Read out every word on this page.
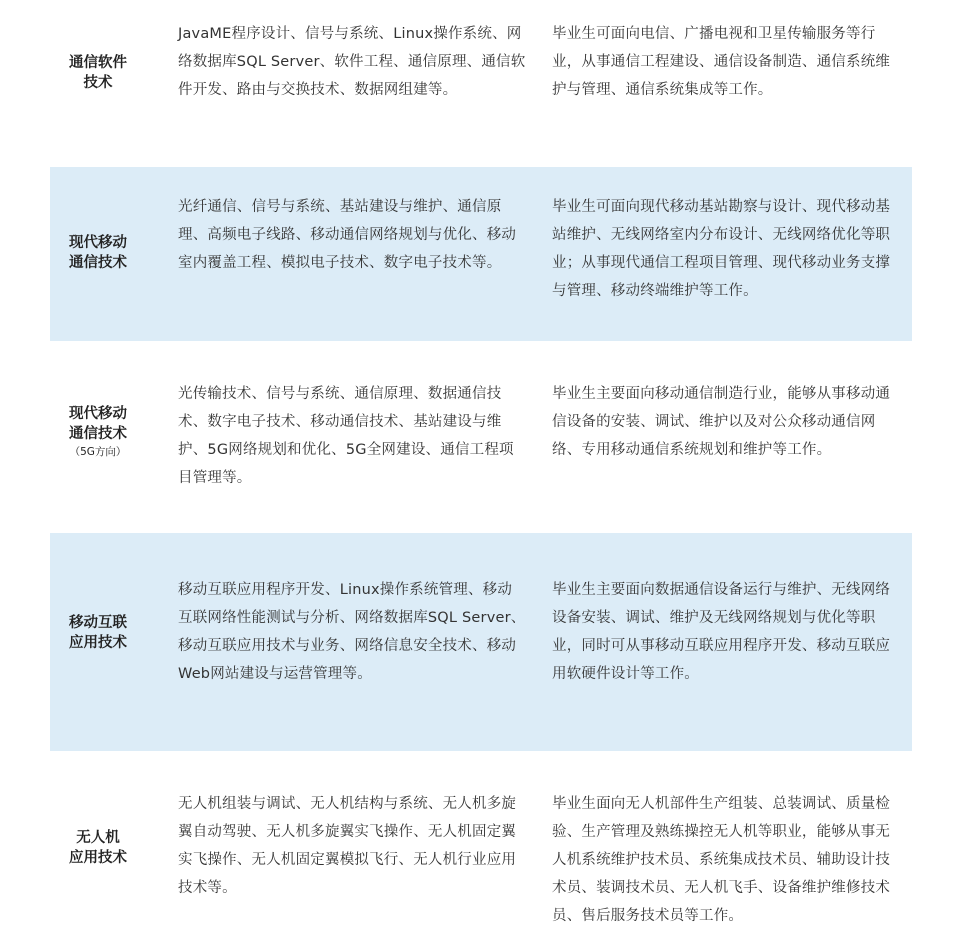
通信软件
技术
JavaME程序设计、信号与系统、Linux操作系统、网络数据库SQL Server、软件工程、通信原理、通信软件开发、路由与交换技术、数据网组建等。
毕业生可面向电信、广播电视和卫星传输服务等行业，从事通信工程建设、通信设备制造、通信系统维护与管理、通信系统集成等工作。
现代移动
通信技术
光纤通信、信号与系统、基站建设与维护、通信原理、高频电子线路、移动通信网络规划与优化、移动室内覆盖工程、模拟电子技术、数字电子技术等。
毕业生可面向现代移动基站勘察与设计、现代移动基站维护、无线网络室内分布设计、无线网络优化等职业；从事现代通信工程项目管理、现代移动业务支撑与管理、移动终端维护等工作。
现代移动
通信技术
（5G方向）
光传输技术、信号与系统、通信原理、数据通信技术、数字电子技术、移动通信技术、基站建设与维护、5G网络规划和优化、5G全网建设、通信工程项目管理等。
毕业生主要面向移动通信制造行业，能够从事移动通信设备的安装、调试、维护以及对公众移动通信网络、专用移动通信系统规划和维护等工作。
移动互联
应用技术
移动互联应用程序开发、Linux操作系统管理、移动互联网络性能测试与分析、网络数据库SQL Server、移动互联应用技术与业务、网络信息安全技术、移动Web网站建设与运营管理等。
毕业生主要面向数据通信设备运行与维护、无线网络设备安装、调试、维护及无线网络规划与优化等职业，同时可从事移动互联应用程序开发、移动互联应用软硬件设计等工作。
无人机
应用技术
无人机组装与调试、无人机结构与系统、无人机多旋翼自动驾驶、无人机多旋翼实飞操作、无人机固定翼实飞操作、无人机固定翼模拟飞行、无人机行业应用技术等。
毕业生面向无人机部件生产组装、总装调试、质量检验、生产管理及熟练操控无人机等职业，能够从事无人机系统维护技术员、系统集成技术员、辅助设计技术员、装调技术员、无人机飞手、设备维护维修技术员、售后服务技术员等工作。
